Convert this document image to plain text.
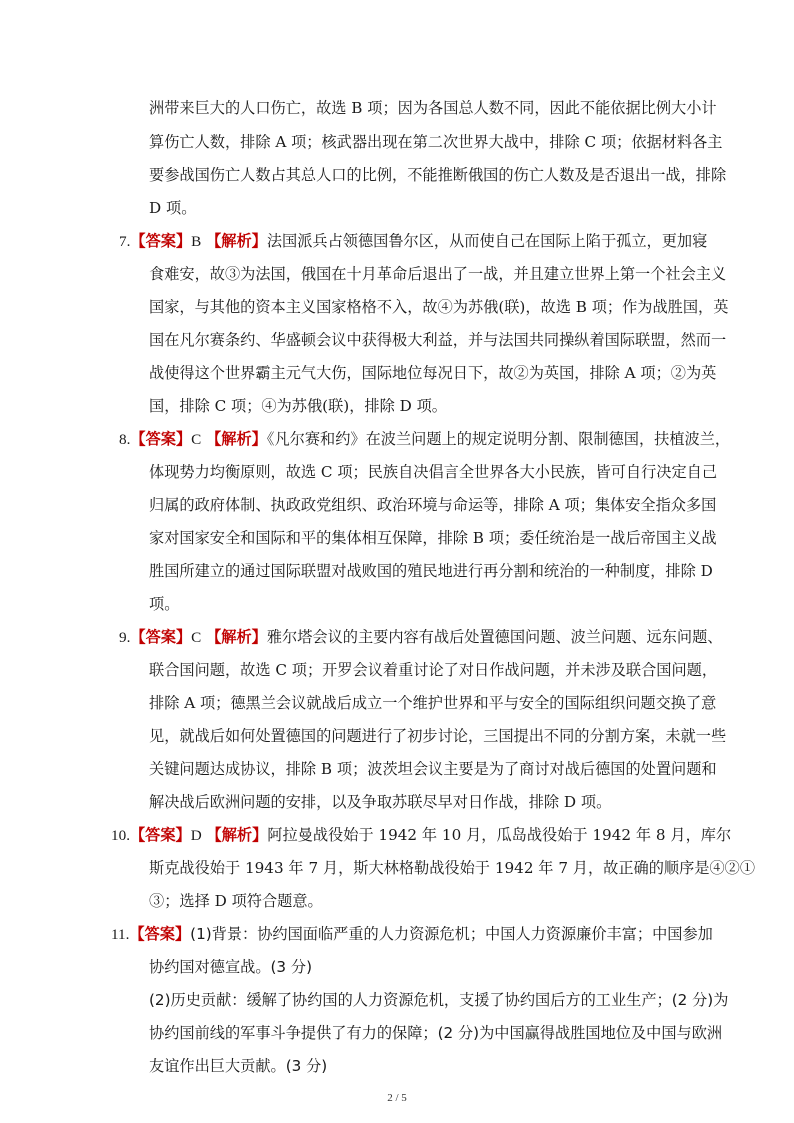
洲带来巨大的人口伤亡，故选 B 项；因为各国总人数不同，因此不能依据比例大小计
算伤亡人数，排除 A 项；核武器出现在第二次世界大战中，排除 C 项；依据材料各主
要参战国伤亡人数占其总人口的比例，不能推断俄国的伤亡人数及是否退出一战，排除
D 项。
7.【答案】B 【解析】法国派兵占领德国鲁尔区，从而使自己在国际上陷于孤立，更加寝
食难安，故③为法国，俄国在十月革命后退出了一战，并且建立世界上第一个社会主义
国家，与其他的资本主义国家格格不入，故④为苏俄(联)，故选 B 项；作为战胜国，英
国在凡尔赛条约、华盛顿会议中获得极大利益，并与法国共同操纵着国际联盟，然而一
战使得这个世界霸主元气大伤，国际地位每况日下，故②为英国，排除 A 项；②为英
国，排除 C 项；④为苏俄(联)，排除 D 项。
8.【答案】C 【解析】《凡尔赛和约》在波兰问题上的规定说明分割、限制德国，扶植波兰，
体现势力均衡原则，故选 C 项；民族自决倡言全世界各大小民族，皆可自行决定自己
归属的政府体制、执政政党组织、政治环境与命运等，排除 A 项；集体安全指众多国
家对国家安全和国际和平的集体相互保障，排除 B 项；委任统治是一战后帝国主义战
胜国所建立的通过国际联盟对战败国的殖民地进行再分割和统治的一种制度，排除 D
项。
9.【答案】C 【解析】雅尔塔会议的主要内容有战后处置德国问题、波兰问题、远东问题、
联合国问题，故选 C 项；开罗会议着重讨论了对日作战问题，并未涉及联合国问题，
排除 A 项；德黑兰会议就战后成立一个维护世界和平与安全的国际组织问题交换了意
见，就战后如何处置德国的问题进行了初步讨论，三国提出不同的分割方案，未就一些
关键问题达成协议，排除 B 项；波茨坦会议主要是为了商讨对战后德国的处置问题和
解决战后欧洲问题的安排，以及争取苏联尽早对日作战，排除 D 项。
10.【答案】D 【解析】阿拉曼战役始于 1942 年 10 月，瓜岛战役始于 1942 年 8 月，库尔
斯克战役始于 1943 年 7 月，斯大林格勒战役始于 1942 年 7 月，故正确的顺序是④②①
③；选择 D 项符合题意。
11.【答案】(1)背景：协约国面临严重的人力资源危机；中国人力资源廉价丰富；中国参加
协约国对德宣战。(3 分)
(2)历史贡献：缓解了协约国的人力资源危机，支援了协约国后方的工业生产；(2 分)为
协约国前线的军事斗争提供了有力的保障；(2 分)为中国赢得战胜国地位及中国与欧洲
友谊作出巨大贡献。(3 分)
2 / 5
